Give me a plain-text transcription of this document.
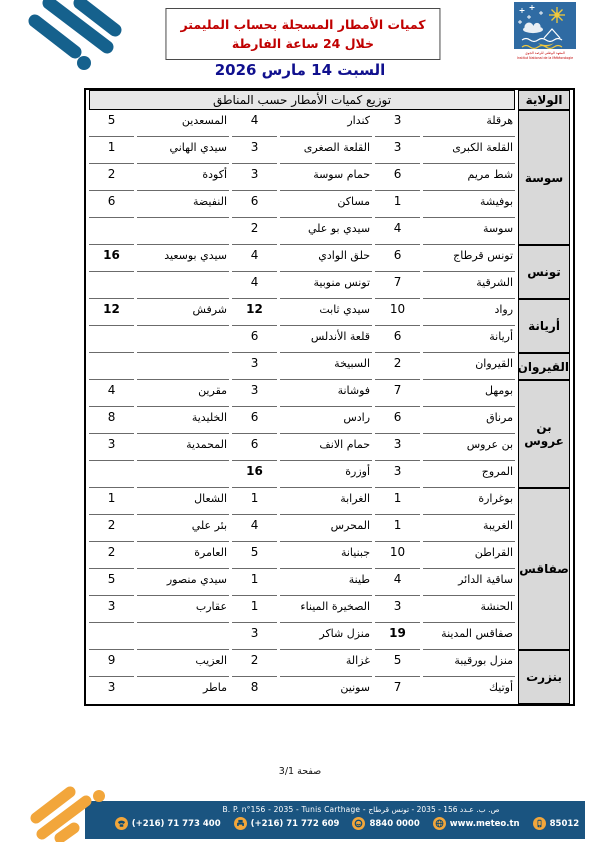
كميات الأمطار المسجلة بحساب المليمتر
خلال 24 ساعة الفارطة
المعهد الوطني للرصد الجوي
Institut National de la Météorologie
السبت 14 مارس 2026
الولاية	توزيع كميات الأمطار حسب المناطق					
سوسة	هرقلة	3	كندار	4	المسعدين	5
	القلعة الكبرى	3	القلعة الصغرى	3	سيدي الهاني	1
	شط مريم	6	حمام سوسة	3	أكودة	2
	بوفيشة	1	مساكن	6	النفيضة	6
	سوسة	4	سيدي بو علي	2		
تونس	تونس قرطاج	6	حلق الوادي	4	سيدي بوسعيد	16
	الشرقية	7	تونس منوبية	4		
أريانة	رواد	10	سيدي ثابت	12	شرفش	12
	أريانة	6	قلعة الأندلس	6		
القيروان	القيروان	2	السبيخة	3		
بن عروس	بومهل	7	فوشانة	3	مقرين	4
	مرناق	6	رادس	6	الخليدية	8
	بن عروس	3	حمام الانف	6	المحمدية	3
	المروج	3	أوزرة	16		
صفاقس	بوغرارة	1	الغرابة	1	الشعال	1
	الغريبة	1	المحرس	4	بئر علي	2
	القراطن	10	جبنيانة	5	العامرة	2
	ساقية الدائر	4	طينة	1	سيدي منصور	5
	الحنشة	3	الصخيرة الميناء	1	عقارب	3
	صفاقس المدينة	19	منزل شاكر	3		
بنزرت	منزل بورقيبة	5	غزالة	2	العزيب	9
	أوتيك	7	سونين	8	ماطر	3
صفحة 3/1
B. P. n°156 - 2035 - Tunis Carthage - ص. ب. عـدد 156 - 2035 - تونس قرطاج
(+216) 71 773 400	(+216) 71 772 609	8840 0000	www.meteo.tn	85012
